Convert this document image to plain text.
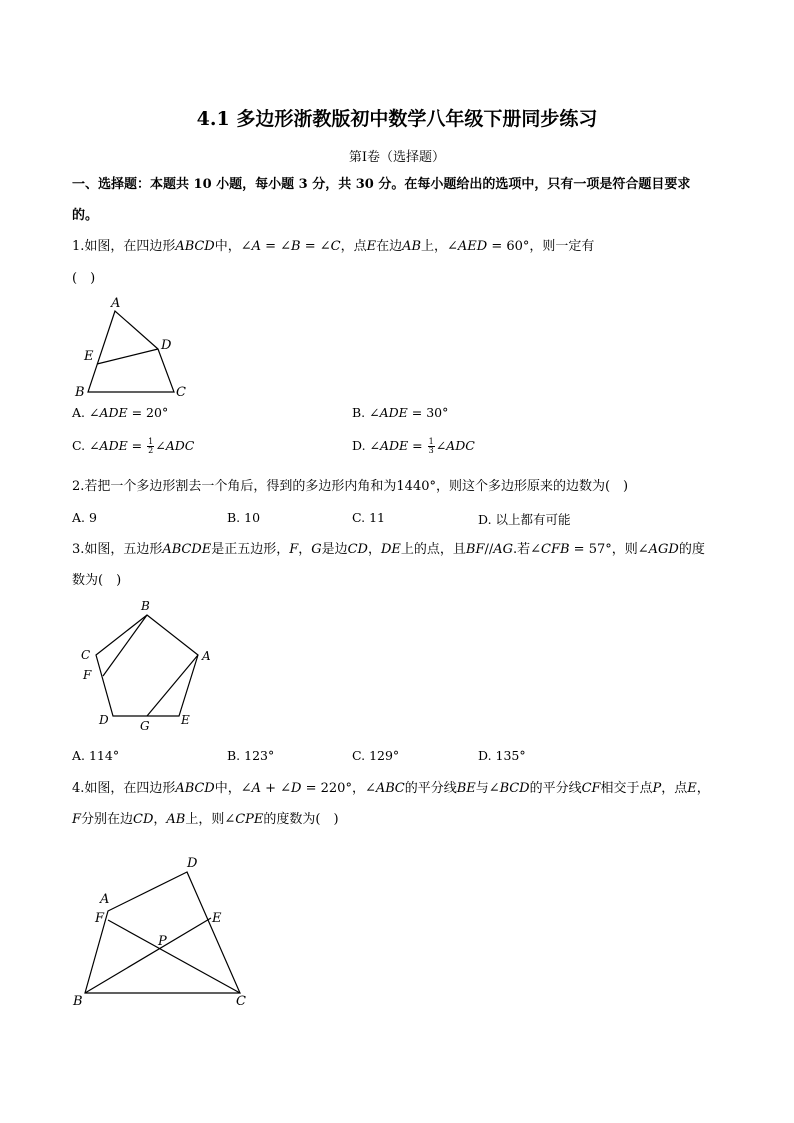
4.1 多边形浙教版初中数学八年级下册同步练习
第Ⅰ卷（选择题）
一、选择题：本题共 10 小题，每小题 3 分，共 30 分。在每小题给出的选项中，只有一项是符合题目要求
的。
1.如图，在四边形𝐴𝐵𝐶𝐷中，∠𝐴 = ∠𝐵 = ∠𝐶，点𝐸在边𝐴𝐵上，∠𝐴𝐸𝐷 = 60°，则一定有
(　)
A
D
E
B	C
A. ∠𝐴𝐷𝐸 = 20°	B. ∠𝐴𝐷𝐸 = 30°
C. ∠𝐴𝐷𝐸 = $\frac{1}{2}$ ∠𝐴𝐷𝐶	D. ∠𝐴𝐷𝐸 = $\frac{1}{3}$ ∠𝐴𝐷𝐶
2.若把一个多边形割去一个角后，得到的多边形内角和为1440°，则这个多边形原来的边数为(　)
A. 9	B. 10	C. 11	D. 以上都有可能
3.如图，五边形𝐴𝐵𝐶𝐷𝐸是正五边形，𝐹，𝐺是边𝐶𝐷，𝐷𝐸上的点，且𝐵𝐹//𝐴𝐺.若∠𝐶𝐹𝐵 = 57°，则∠𝐴𝐺𝐷的度
数为(　)
B
C	A
F
D	G	E
A. 114°	B. 123°	C. 129°	D. 135°
4.如图，在四边形𝐴𝐵𝐶𝐷中，∠𝐴 + ∠𝐷 = 220°，∠𝐴𝐵𝐶的平分线𝐵𝐸与∠𝐵𝐶𝐷的平分线𝐶𝐹相交于点𝑃，点𝐸，
𝐹分别在边𝐶𝐷，𝐴𝐵上，则∠𝐶𝑃𝐸的度数为(　)
D
A
F	E
P
B	C
